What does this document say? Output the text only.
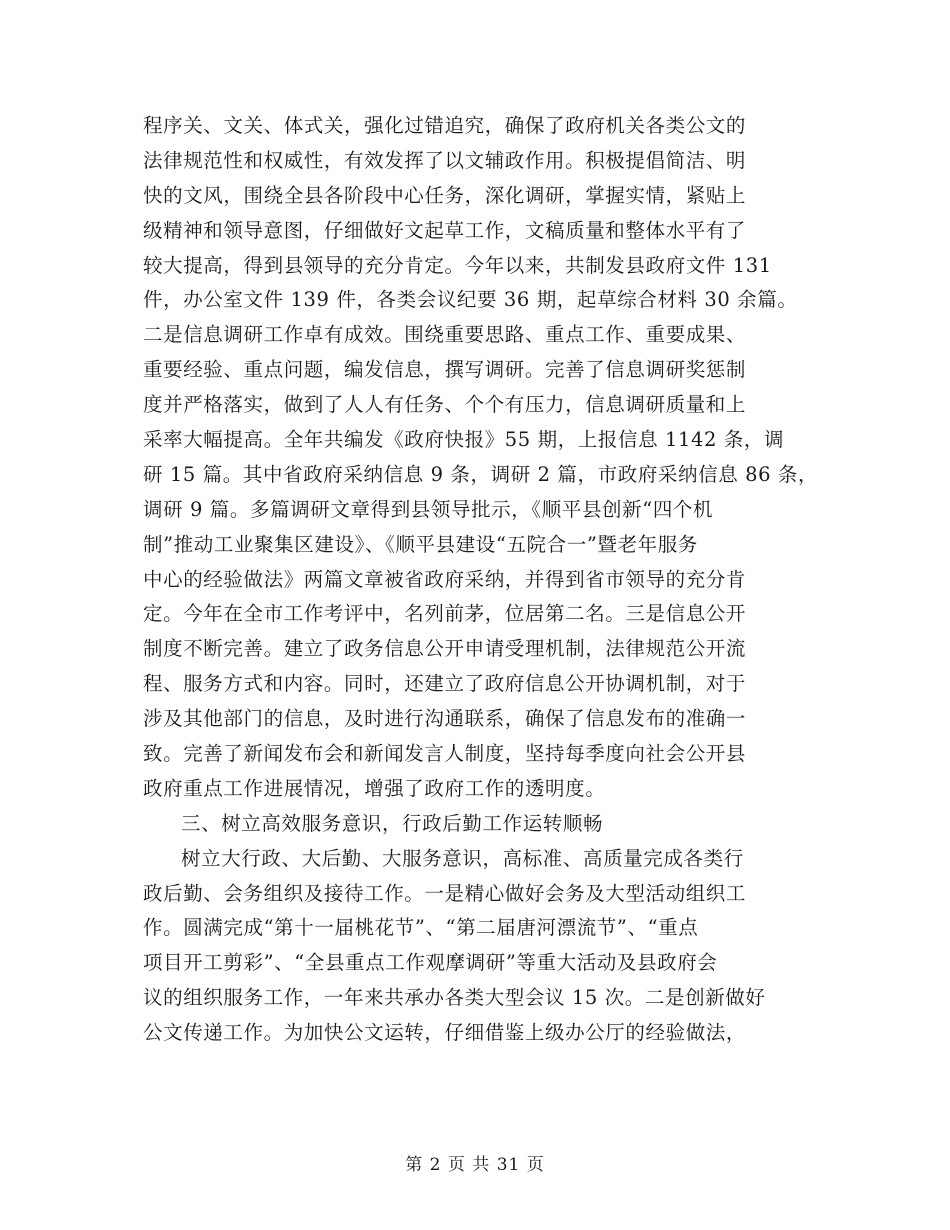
程序关、文关、体式关，强化过错追究，确保了政府机关各类公文的
法律规范性和权威性，有效发挥了以文辅政作用。积极提倡简洁、明
快的文风，围绕全县各阶段中心任务，深化调研，掌握实情，紧贴上
级精神和领导意图，仔细做好文起草工作，文稿质量和整体水平有了
较大提高，得到县领导的充分肯定。今年以来，共制发县政府文件 131
件，办公室文件 139 件，各类会议纪要 36 期，起草综合材料 30 余篇。
二是信息调研工作卓有成效。围绕重要思路、重点工作、重要成果、
重要经验、重点问题，编发信息，撰写调研。完善了信息调研奖惩制
度并严格落实，做到了人人有任务、个个有压力，信息调研质量和上
采率大幅提高。全年共编发《政府快报》55 期，上报信息 1142 条，调
研 15 篇。其中省政府采纳信息 9 条，调研 2 篇，市政府采纳信息 86 条，
调研 9 篇。多篇调研文章得到县领导批示，《顺平县创新“四个机
制”推动工业聚集区建设》、《顺平县建设“五院合一”暨老年服务
中心的经验做法》两篇文章被省政府采纳，并得到省市领导的充分肯
定。今年在全市工作考评中，名列前茅，位居第二名。三是信息公开
制度不断完善。建立了政务信息公开申请受理机制，法律规范公开流
程、服务方式和内容。同时，还建立了政府信息公开协调机制，对于
涉及其他部门的信息，及时进行沟通联系，确保了信息发布的准确一
致。完善了新闻发布会和新闻发言人制度，坚持每季度向社会公开县
政府重点工作进展情况，增强了政府工作的透明度。
三、树立高效服务意识，行政后勤工作运转顺畅
树立大行政、大后勤、大服务意识，高标准、高质量完成各类行
政后勤、会务组织及接待工作。一是精心做好会务及大型活动组织工
作。圆满完成“第十一届桃花节”、“第二届唐河漂流节”、“重点
项目开工剪彩”、“全县重点工作观摩调研”等重大活动及县政府会
议的组织服务工作，一年来共承办各类大型会议 15 次。二是创新做好
公文传递工作。为加快公文运转，仔细借鉴上级办公厅的经验做法，
第 2 页 共 31 页
